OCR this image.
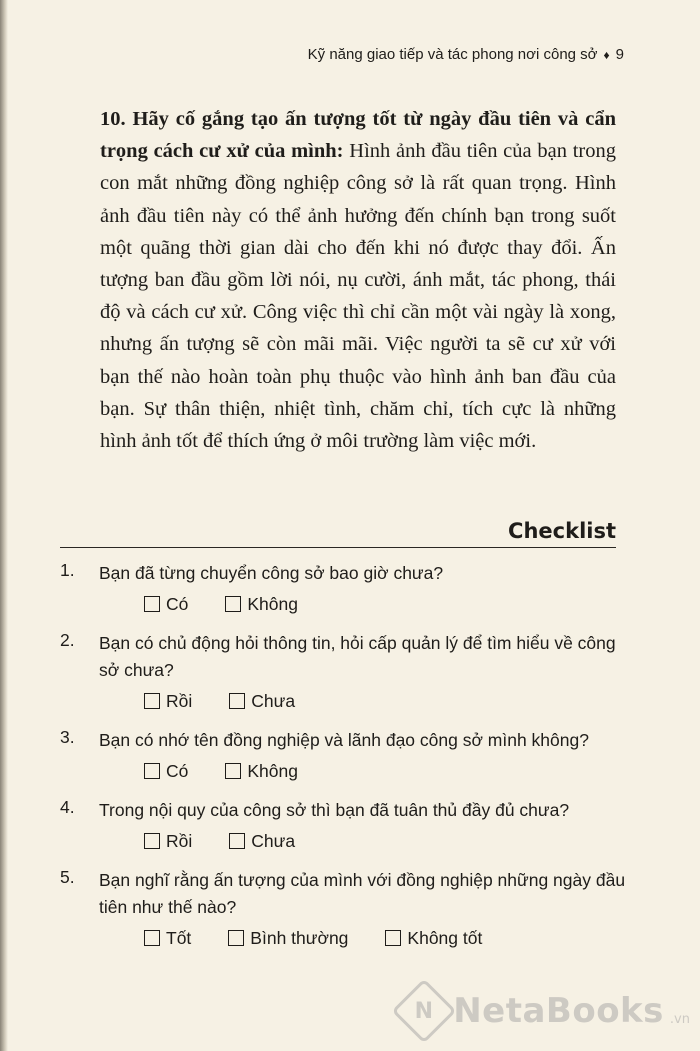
Kỹ năng giao tiếp và tác phong nơi công sở ♦ 9

10. Hãy cố gắng tạo ấn tượng tốt từ ngày đầu tiên và cẩn trọng cách cư xử của mình: Hình ảnh đầu tiên của bạn trong con mắt những đồng nghiệp công sở là rất quan trọng. Hình ảnh đầu tiên này có thể ảnh hưởng đến chính bạn trong suốt một quãng thời gian dài cho đến khi nó được thay đổi. Ấn tượng ban đầu gồm lời nói, nụ cười, ánh mắt, tác phong, thái độ và cách cư xử. Công việc thì chỉ cần một vài ngày là xong, nhưng ấn tượng sẽ còn mãi mãi. Việc người ta sẽ cư xử với bạn thế nào hoàn toàn phụ thuộc vào hình ảnh ban đầu của bạn. Sự thân thiện, nhiệt tình, chăm chỉ, tích cực là những hình ảnh tốt để thích ứng ở môi trường làm việc mới.

Checklist
1. Bạn đã từng chuyển công sở bao giờ chưa?
Có	Không
2. Bạn có chủ động hỏi thông tin, hỏi cấp quản lý để tìm hiểu về công sở chưa?
Rồi	Chưa
3. Bạn có nhớ tên đồng nghiệp và lãnh đạo công sở mình không?
Có	Không
4. Trong nội quy của công sở thì bạn đã tuân thủ đầy đủ chưa?
Rồi	Chưa
5. Bạn nghĩ rằng ấn tượng của mình với đồng nghiệp những ngày đầu tiên như thế nào?
Tốt	Bình thường	Không tốt
N NetaBooks .vn
